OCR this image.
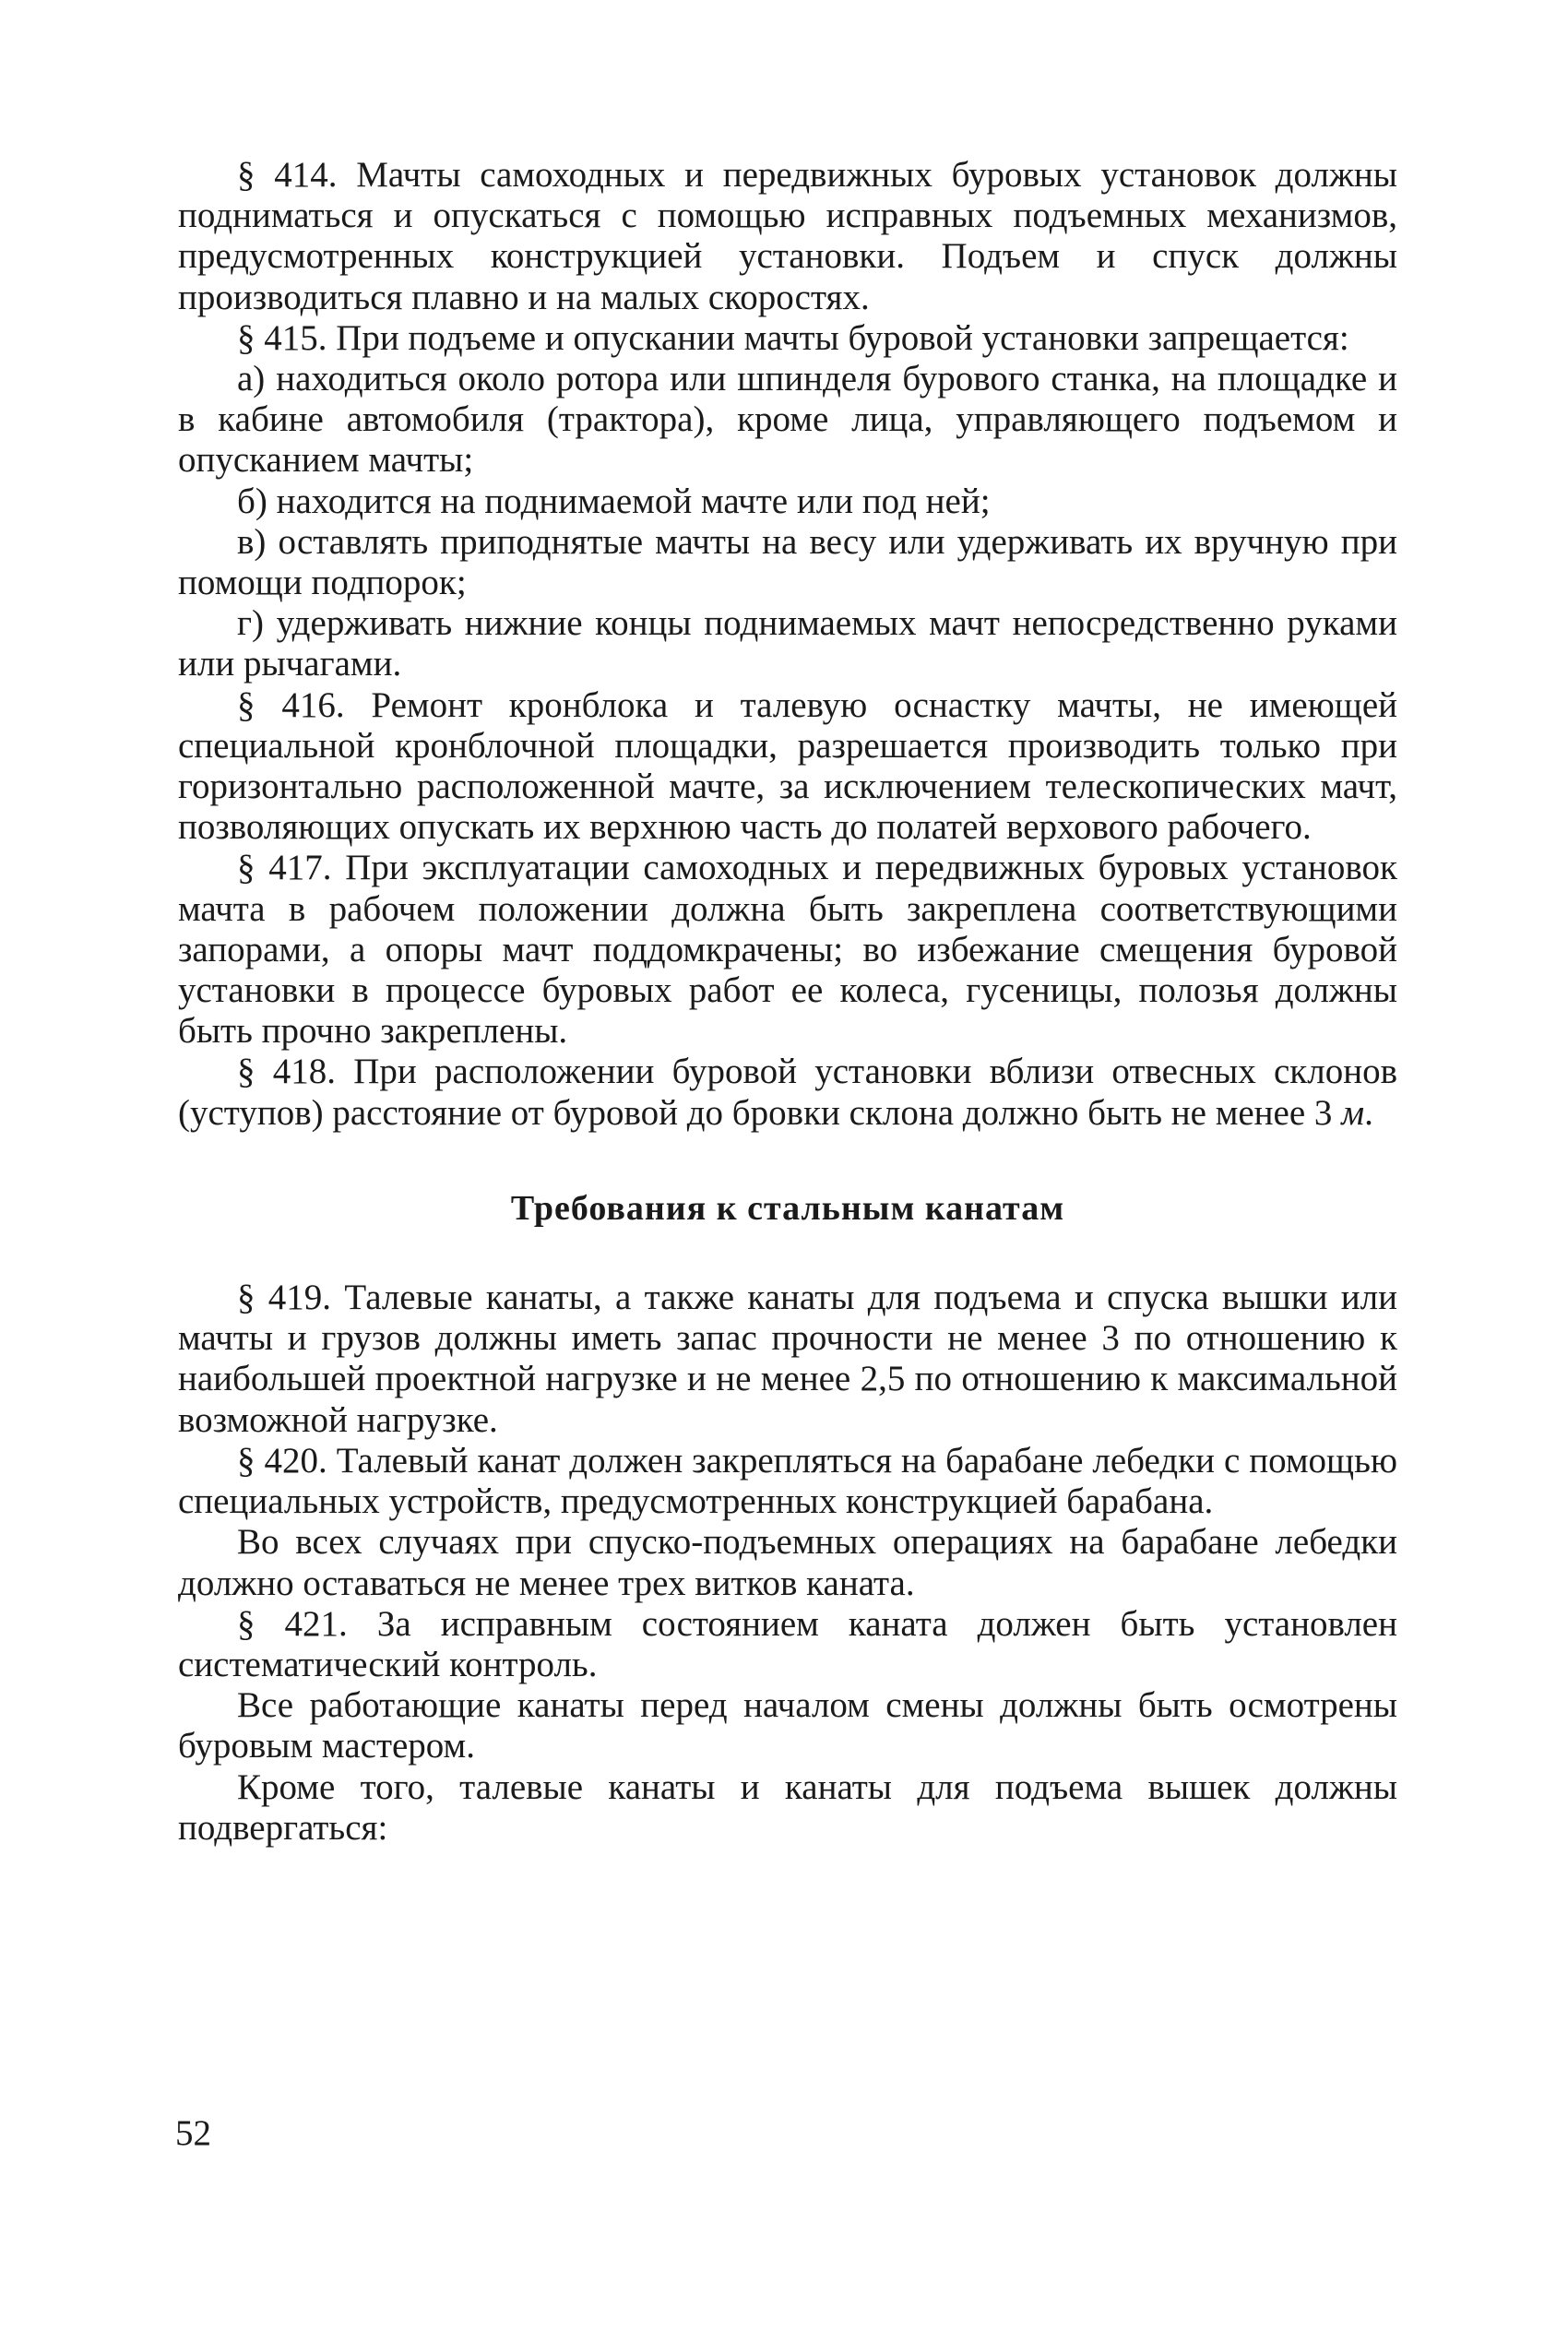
§ 414. Мачты самоходных и передвижных буровых установок должны подниматься и опускаться с помощью исправных подъемных механизмов, предусмотренных конструкцией установки. Подъем и спуск должны производиться плавно и на малых скоростях.

§ 415. При подъеме и опускании мачты буровой установки запрещается:

а) находиться около ротора или шпинделя бурового станка, на площадке и в кабине автомобиля (трактора), кроме лица, управляющего подъемом и опусканием мачты;

б) находится на поднимаемой мачте или под ней;

в) оставлять приподнятые мачты на весу или удерживать их вручную при помощи подпорок;

г) удерживать нижние концы поднимаемых мачт непосредственно руками или рычагами.

§ 416. Ремонт кронблока и талевую оснастку мачты, не имеющей специальной кронблочной площадки, разрешается производить только при горизонтально расположенной мачте, за исключением телескопических мачт, позволяющих опускать их верхнюю часть до полатей верхового рабочего.

§ 417. При эксплуатации самоходных и передвижных буровых установок мачта в рабочем положении должна быть закреплена соответствующими запорами, а опоры мачт поддомкрачены; во избежание смещения буровой установки в процессе буровых работ ее колеса, гусеницы, полозья должны быть прочно закреплены.

§ 418. При расположении буровой установки вблизи отвесных склонов (уступов) расстояние от буровой до бровки склона должно быть не менее 3 м.

Требования к стальным канатам

§ 419. Талевые канаты, а также канаты для подъема и спуска вышки или мачты и грузов должны иметь запас прочности не менее 3 по отношению к наибольшей проектной нагрузке и не менее 2,5 по отношению к максимальной возможной нагрузке.

§ 420. Талевый канат должен закрепляться на барабане лебедки с помощью специальных устройств, предусмотренных конструкцией барабана.

Во всех случаях при спуско-подъемных операциях на барабане лебедки должно оставаться не менее трех витков каната.

§ 421. За исправным состоянием каната должен быть установлен систематический контроль.

Все работающие канаты перед началом смены должны быть осмотрены буровым мастером.

Кроме того, талевые канаты и канаты для подъема вышек должны подвергаться:

52
